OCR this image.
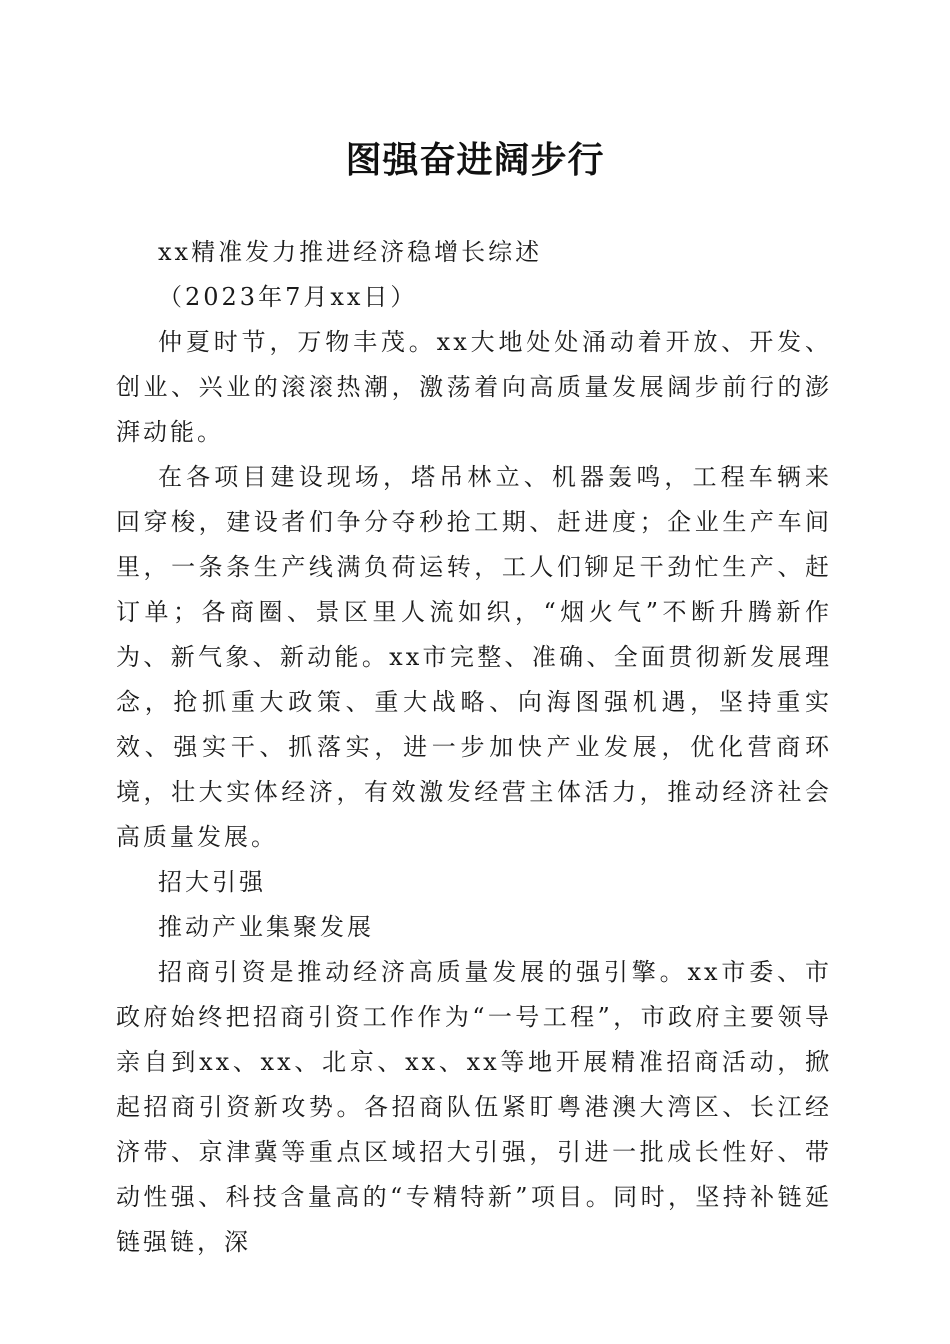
图强奋进阔步行

xx精准发力推进经济稳增长综述

（2023年7月xx日）

仲夏时节，万物丰茂。xx大地处处涌动着开放、开发、创业、兴业的滚滚热潮，激荡着向高质量发展阔步前行的澎湃动能。

在各项目建设现场，塔吊林立、机器轰鸣，工程车辆来回穿梭，建设者们争分夺秒抢工期、赶进度；企业生产车间里，一条条生产线满负荷运转，工人们铆足干劲忙生产、赶订单；各商圈、景区里人流如织，“烟火气”不断升腾新作为、新气象、新动能。xx市完整、准确、全面贯彻新发展理念，抢抓重大政策、重大战略、向海图强机遇，坚持重实效、强实干、抓落实，进一步加快产业发展，优化营商环境，壮大实体经济，有效激发经营主体活力，推动经济社会高质量发展。

招大引强

推动产业集聚发展

招商引资是推动经济高质量发展的强引擎。xx市委、市政府始终把招商引资工作作为“一号工程”，市政府主要领导亲自到xx、xx、北京、xx、xx等地开展精准招商活动，掀起招商引资新攻势。各招商队伍紧盯粤港澳大湾区、长江经济带、京津冀等重点区域招大引强，引进一批成长性好、带动性强、科技含量高的“专精特新”项目。同时，坚持补链延链强链，深
